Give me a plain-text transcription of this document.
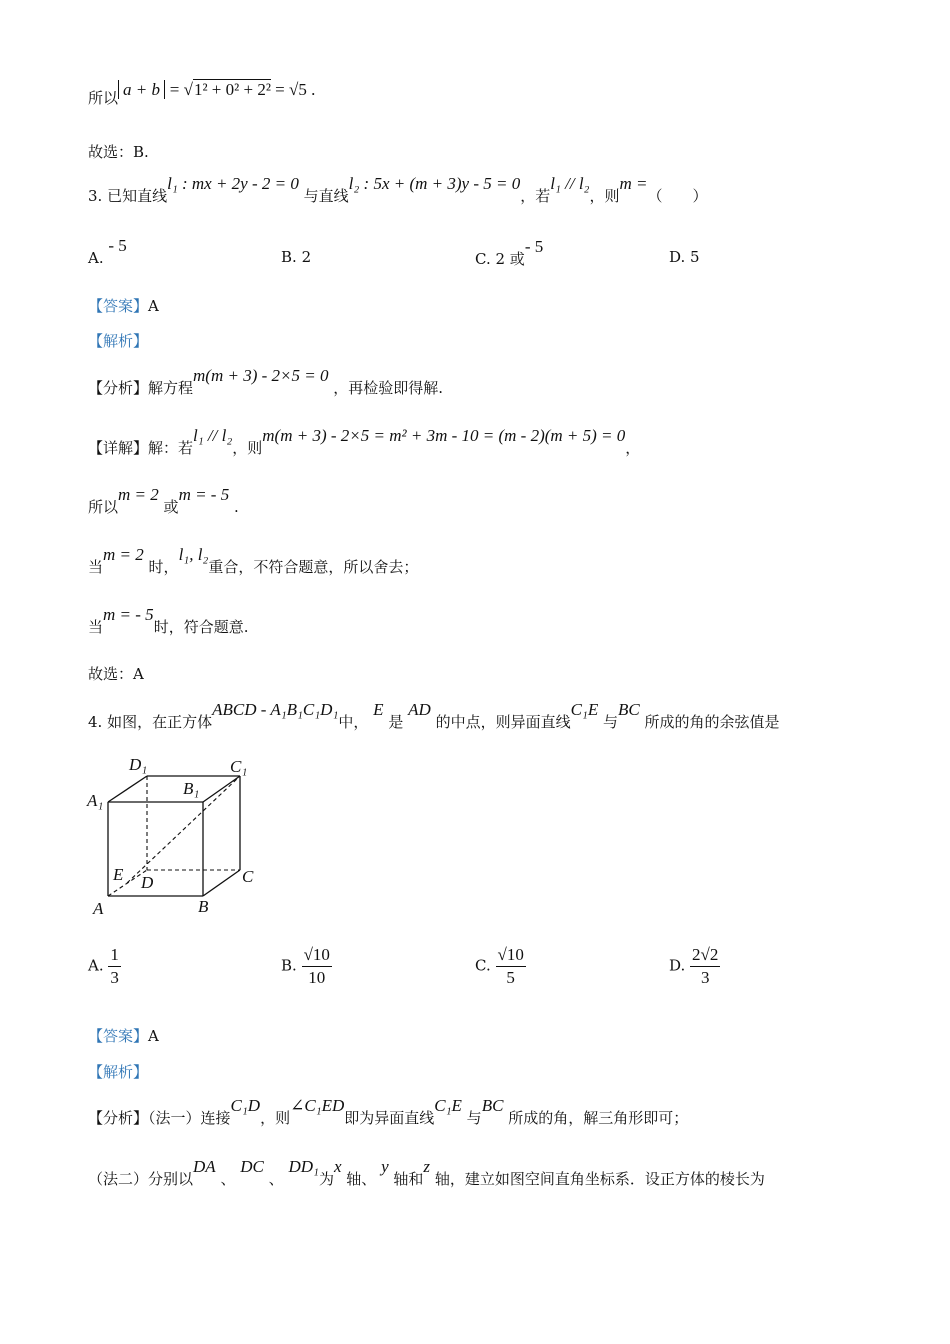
所以 a + b = √1² + 0² + 2² = √5 .
故选：B.
3. 已知直线l₁ : mx + 2y - 2 = 0 与直线l₂ : 5x + (m + 3)y - 5 = 0，若l₁ // l₂，则m =（　　）
A. - 5
B. 2	C. 2 或- 5
D. 5
【答案】A
【解析】
【分析】解方程m(m + 3) - 2×5 = 0 ，再检验即得解.
【详解】解：若l₁ // l₂，则m(m + 3) - 2×5 = m² + 3m - 10 = (m - 2)(m + 5) = 0，
所以m = 2 或m = - 5 .
当m = 2 时，l₁, l₂重合，不符合题意，所以舍去；
当m = - 5时，符合题意.
故选：A
4. 如图，在正方体ABCD - A₁B₁C₁D₁中， E 是 AD 的中点，则异面直线C₁E 与BC 所成的角的余弦值是
D₁	C₁
A₁
B₁
E D	C
A	B
A. $\frac{1}{3}$	B. $\frac{√10}{10}$	C. $\frac{√10}{5}$	D. $\frac{2√2}{3}$
【答案】A
【解析】
【分析】（法一）连接C₁D，则∠C₁ED即为异面直线C₁E 与BC 所成的角，解三角形即可；
（法二）分别以DA 、 DC 、 DD₁为x 轴、 y 轴和z 轴，建立如图空间直角坐标系．设正方体的棱长为
